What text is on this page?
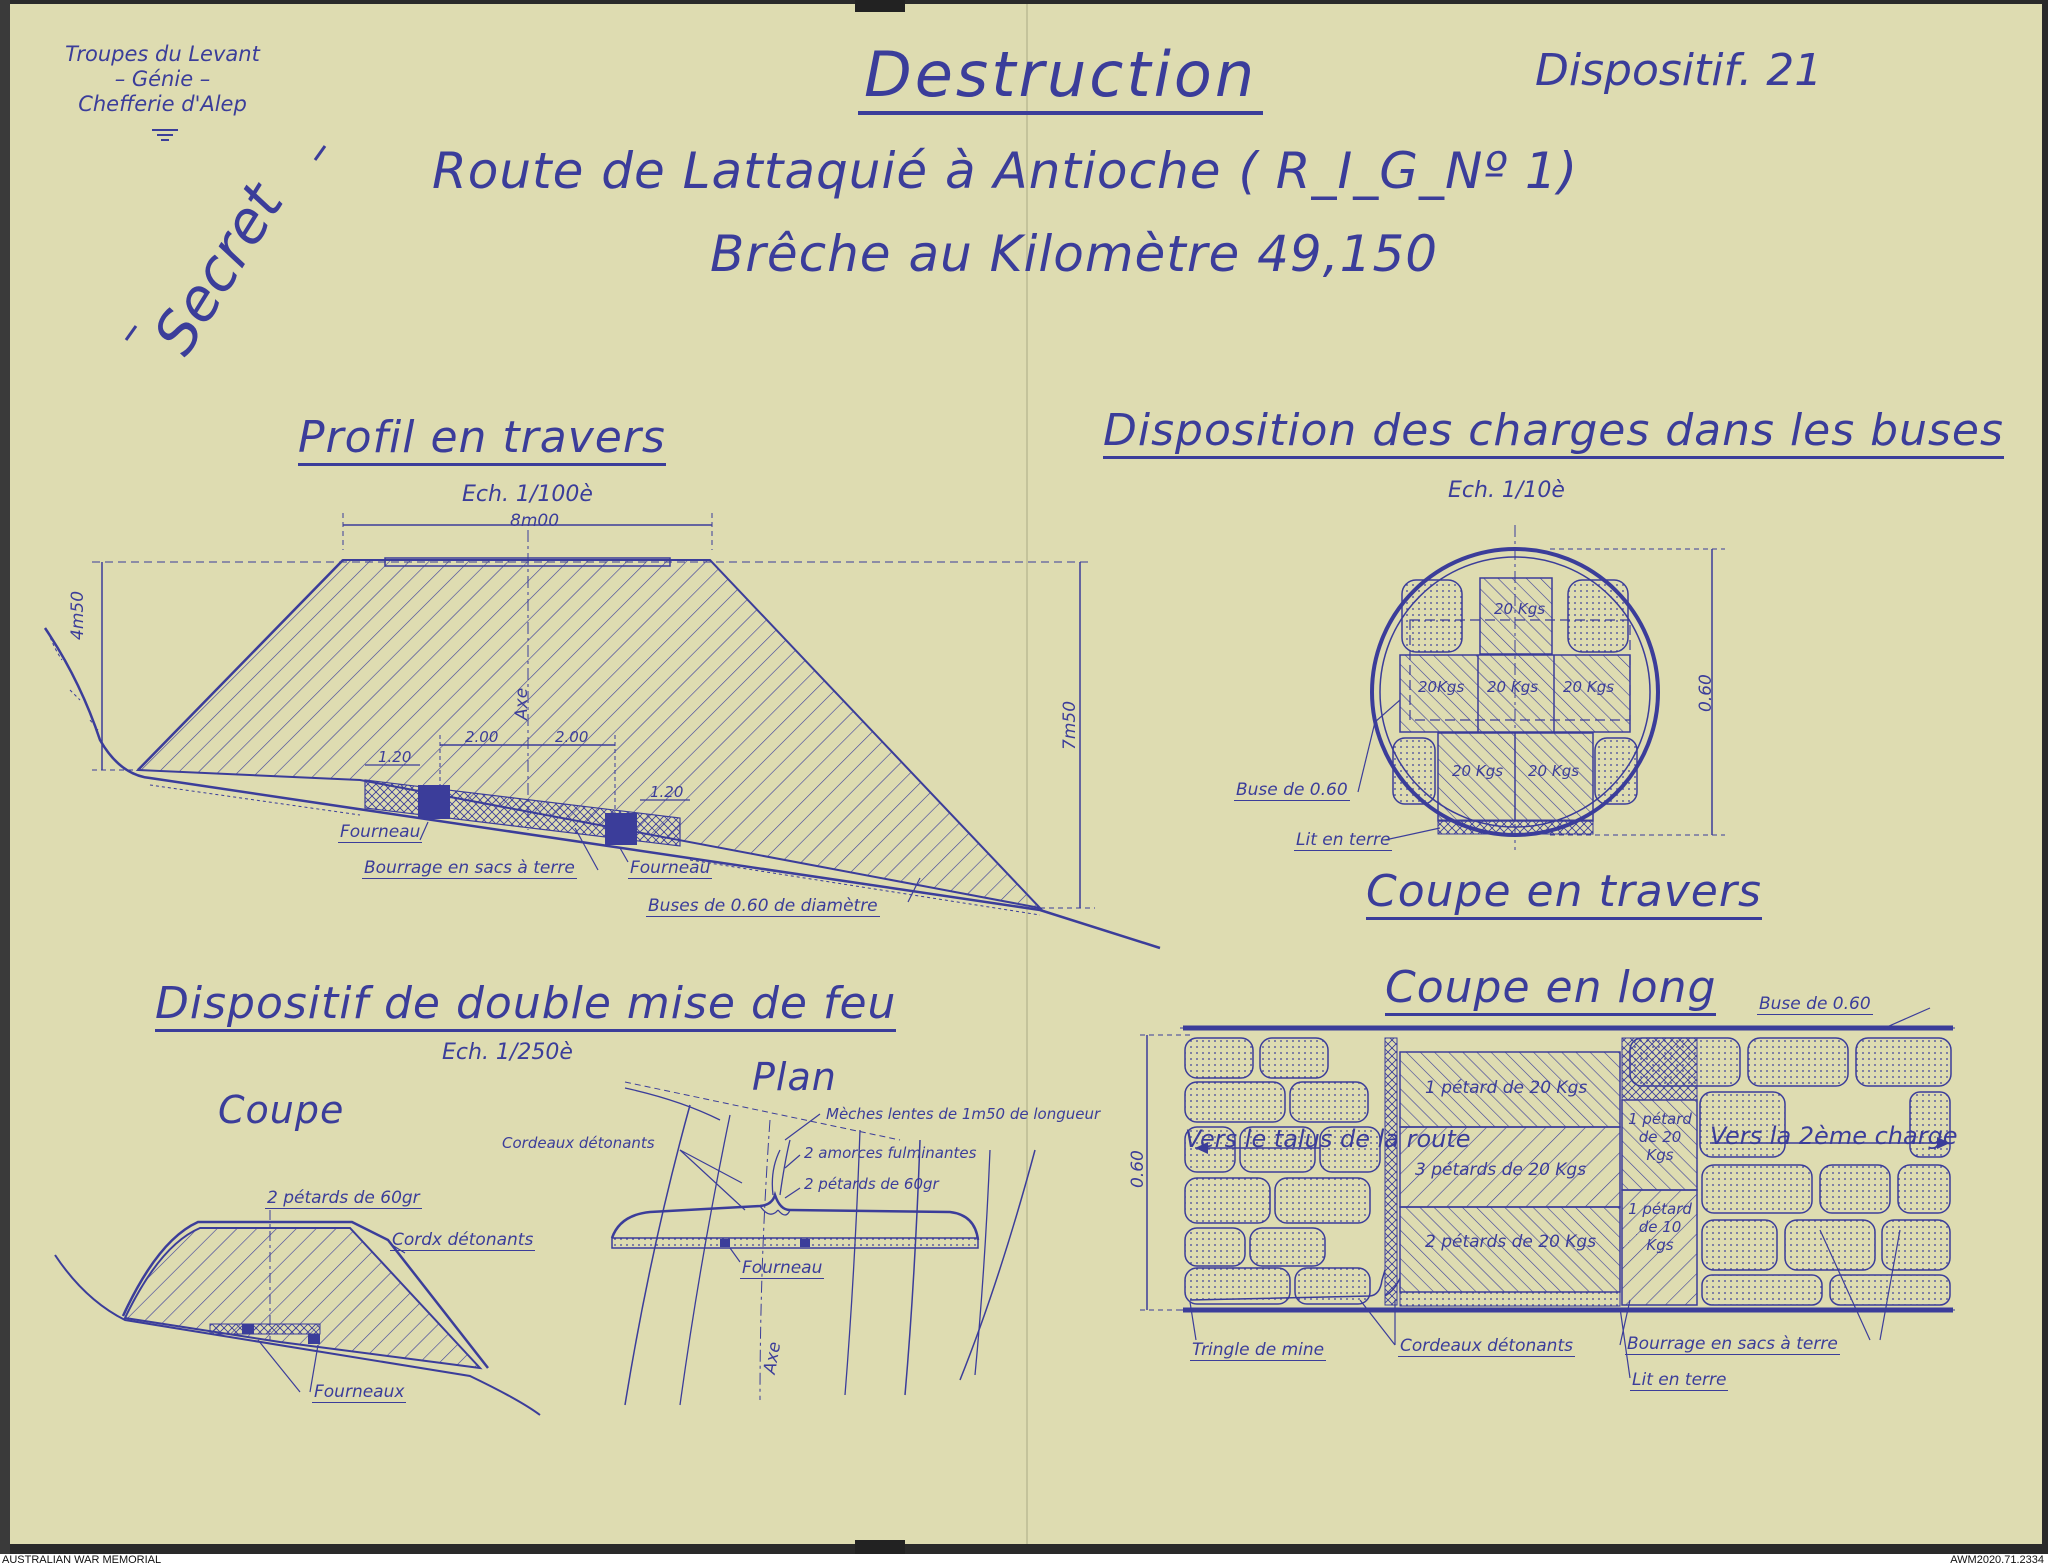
Troupes du Levant
– Génie –
Chefferie d'Alep
Secret
Destruction	Dispositif. 21
Route de Lattaquié à Antioche ( R_I_G_Nº 1)
Brêche au Kilomètre 49,150
Profil en travers
Ech. 1/100è
8m00
4m50
7m50
Axe
1.20
2.00	2.00
1.20
Fourneau
Bourrage en sacs à terre	Fourneau
Buses de 0.60 de diamètre
Disposition des charges dans les buses
Ech. 1/10è
20 Kgs
20Kgs 20 Kgs 20 Kgs
20 Kgs 20 Kgs
0.60
Buse de 0.60
Lit en terre
Coupe en travers
Dispositif de double mise de feu
Ech. 1/250è
Coupe
Plan
2 pétards de 60gr
Cordx détonants
Fourneaux
Mèches lentes de 1m50 de longueur
Cordeaux détonants
2 amorces fulminantes
2 pétards de 60gr
Fourneau
Axe
Coupe en long	Buse de 0.60
Vers le talus de la route	Vers la 2ème charge
1 pétard de 20 Kgs
3 pétards de 20 Kgs
2 pétards de 20 Kgs
1 pétard de 20 Kgs
1 pétard de 10 Kgs
0.60
Tringle de mine	Cordeaux détonants	Bourrage en sacs à terre
Lit en terre
AUSTRALIAN WAR MEMORIAL	AWM2020.71.2334
